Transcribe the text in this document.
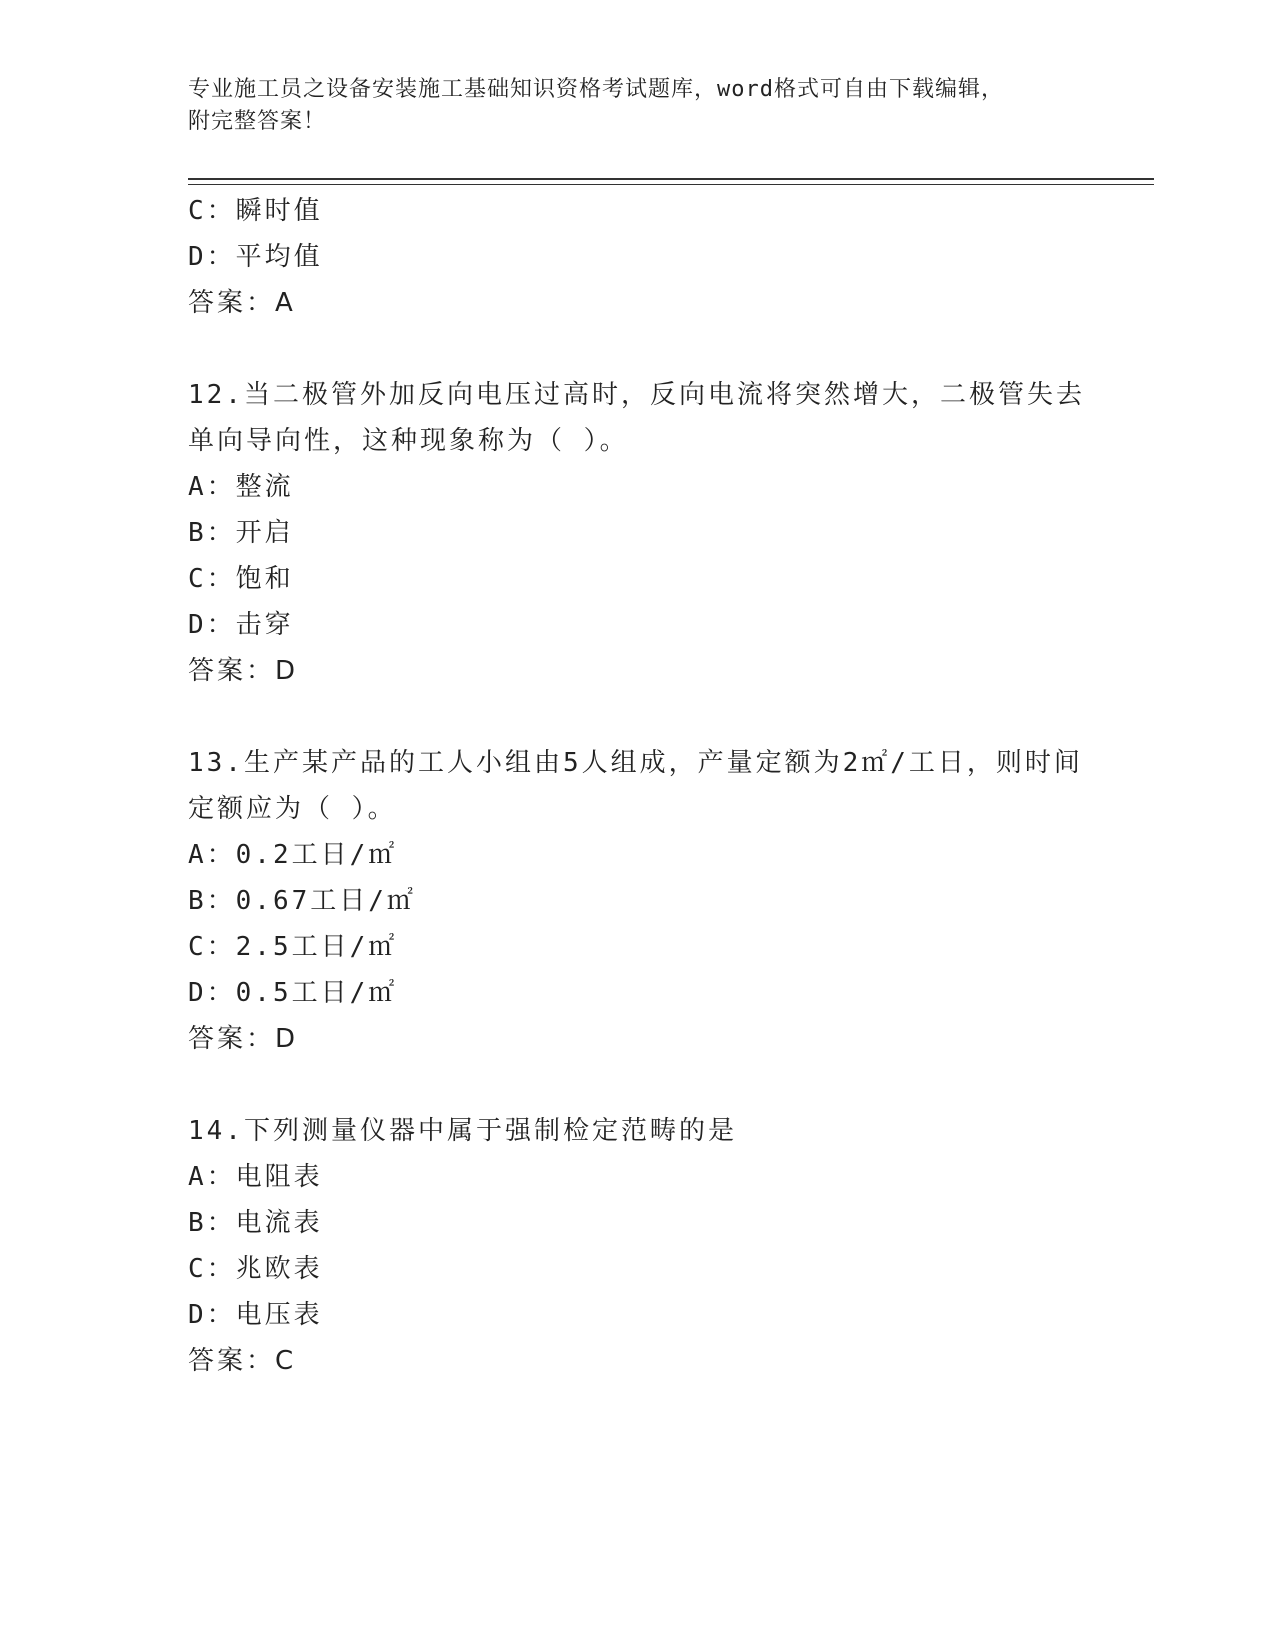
专业施工员之设备安装施工基础知识资格考试题库，word格式可自由下载编辑，
附完整答案！
C：瞬时值
D：平均值
答案：A
12.当二极管外加反向电压过高时，反向电流将突然增大，二极管失去
单向导向性，这种现象称为（ ）。
A：整流
B：开启
C：饱和
D：击穿
答案：D
13.生产某产品的工人小组由5人组成，产量定额为2㎡/工日，则时间
定额应为（ ）。
A：0.2工日/㎡
B：0.67工日/㎡
C：2.5工日/㎡
D：0.5工日/㎡
答案：D
14.下列测量仪器中属于强制检定范畴的是
A：电阻表
B：电流表
C：兆欧表
D：电压表
答案：C
